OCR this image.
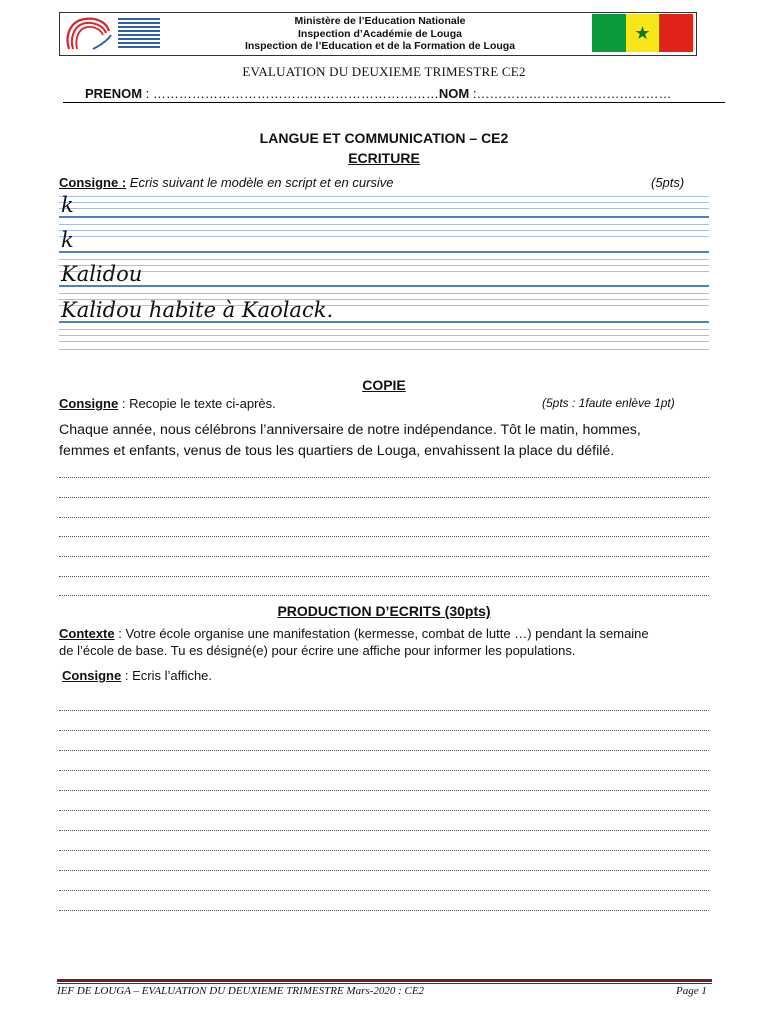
Ministère de l’Education Nationale
Inspection d’Académie de Louga
Inspection de l’Education et de la Formation de Louga
★
EVALUATION DU DEUXIEME TRIMESTRE CE2
PRENOM : …………………………………………………………NOM :………………………………………
LANGUE ET COMMUNICATION – CE2
ECRITURE
Consigne : Ecris suivant le modèle en script et en cursive	(5pts)
k
k
Kalidou
Kalidou habite à Kaolack.
COPIE
Consigne : Recopie le texte ci-après.	(5pts : 1faute enlève 1pt)
Chaque année, nous célébrons l’anniversaire de notre indépendance. Tôt le matin, hommes,
femmes et enfants, venus de tous les quartiers de Louga, envahissent la place du défilé.
PRODUCTION D’ECRITS (30pts)
Contexte : Votre école organise une manifestation (kermesse, combat de lutte …) pendant la semaine
de l’école de base. Tu es désigné(e) pour écrire une affiche pour informer les populations.
Consigne : Ecris l’affiche.
IEF DE LOUGA – EVALUATION DU DEUXIEME TRIMESTRE Mars-2020 : CE2	Page 1
